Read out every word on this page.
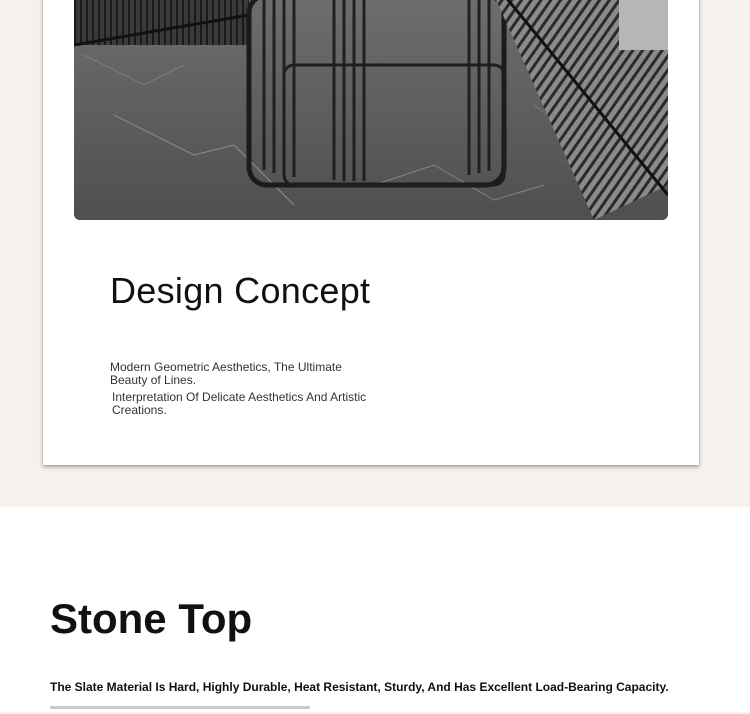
Design Concept

Modern Geometric Aesthetics, The Ultimate Beauty of Lines.

Interpretation Of Delicate Aesthetics And Artistic Creations.

Stone Top
The Slate Material Is Hard, Highly Durable, Heat Resistant, Sturdy, And Has Excellent Load-Bearing Capacity.
